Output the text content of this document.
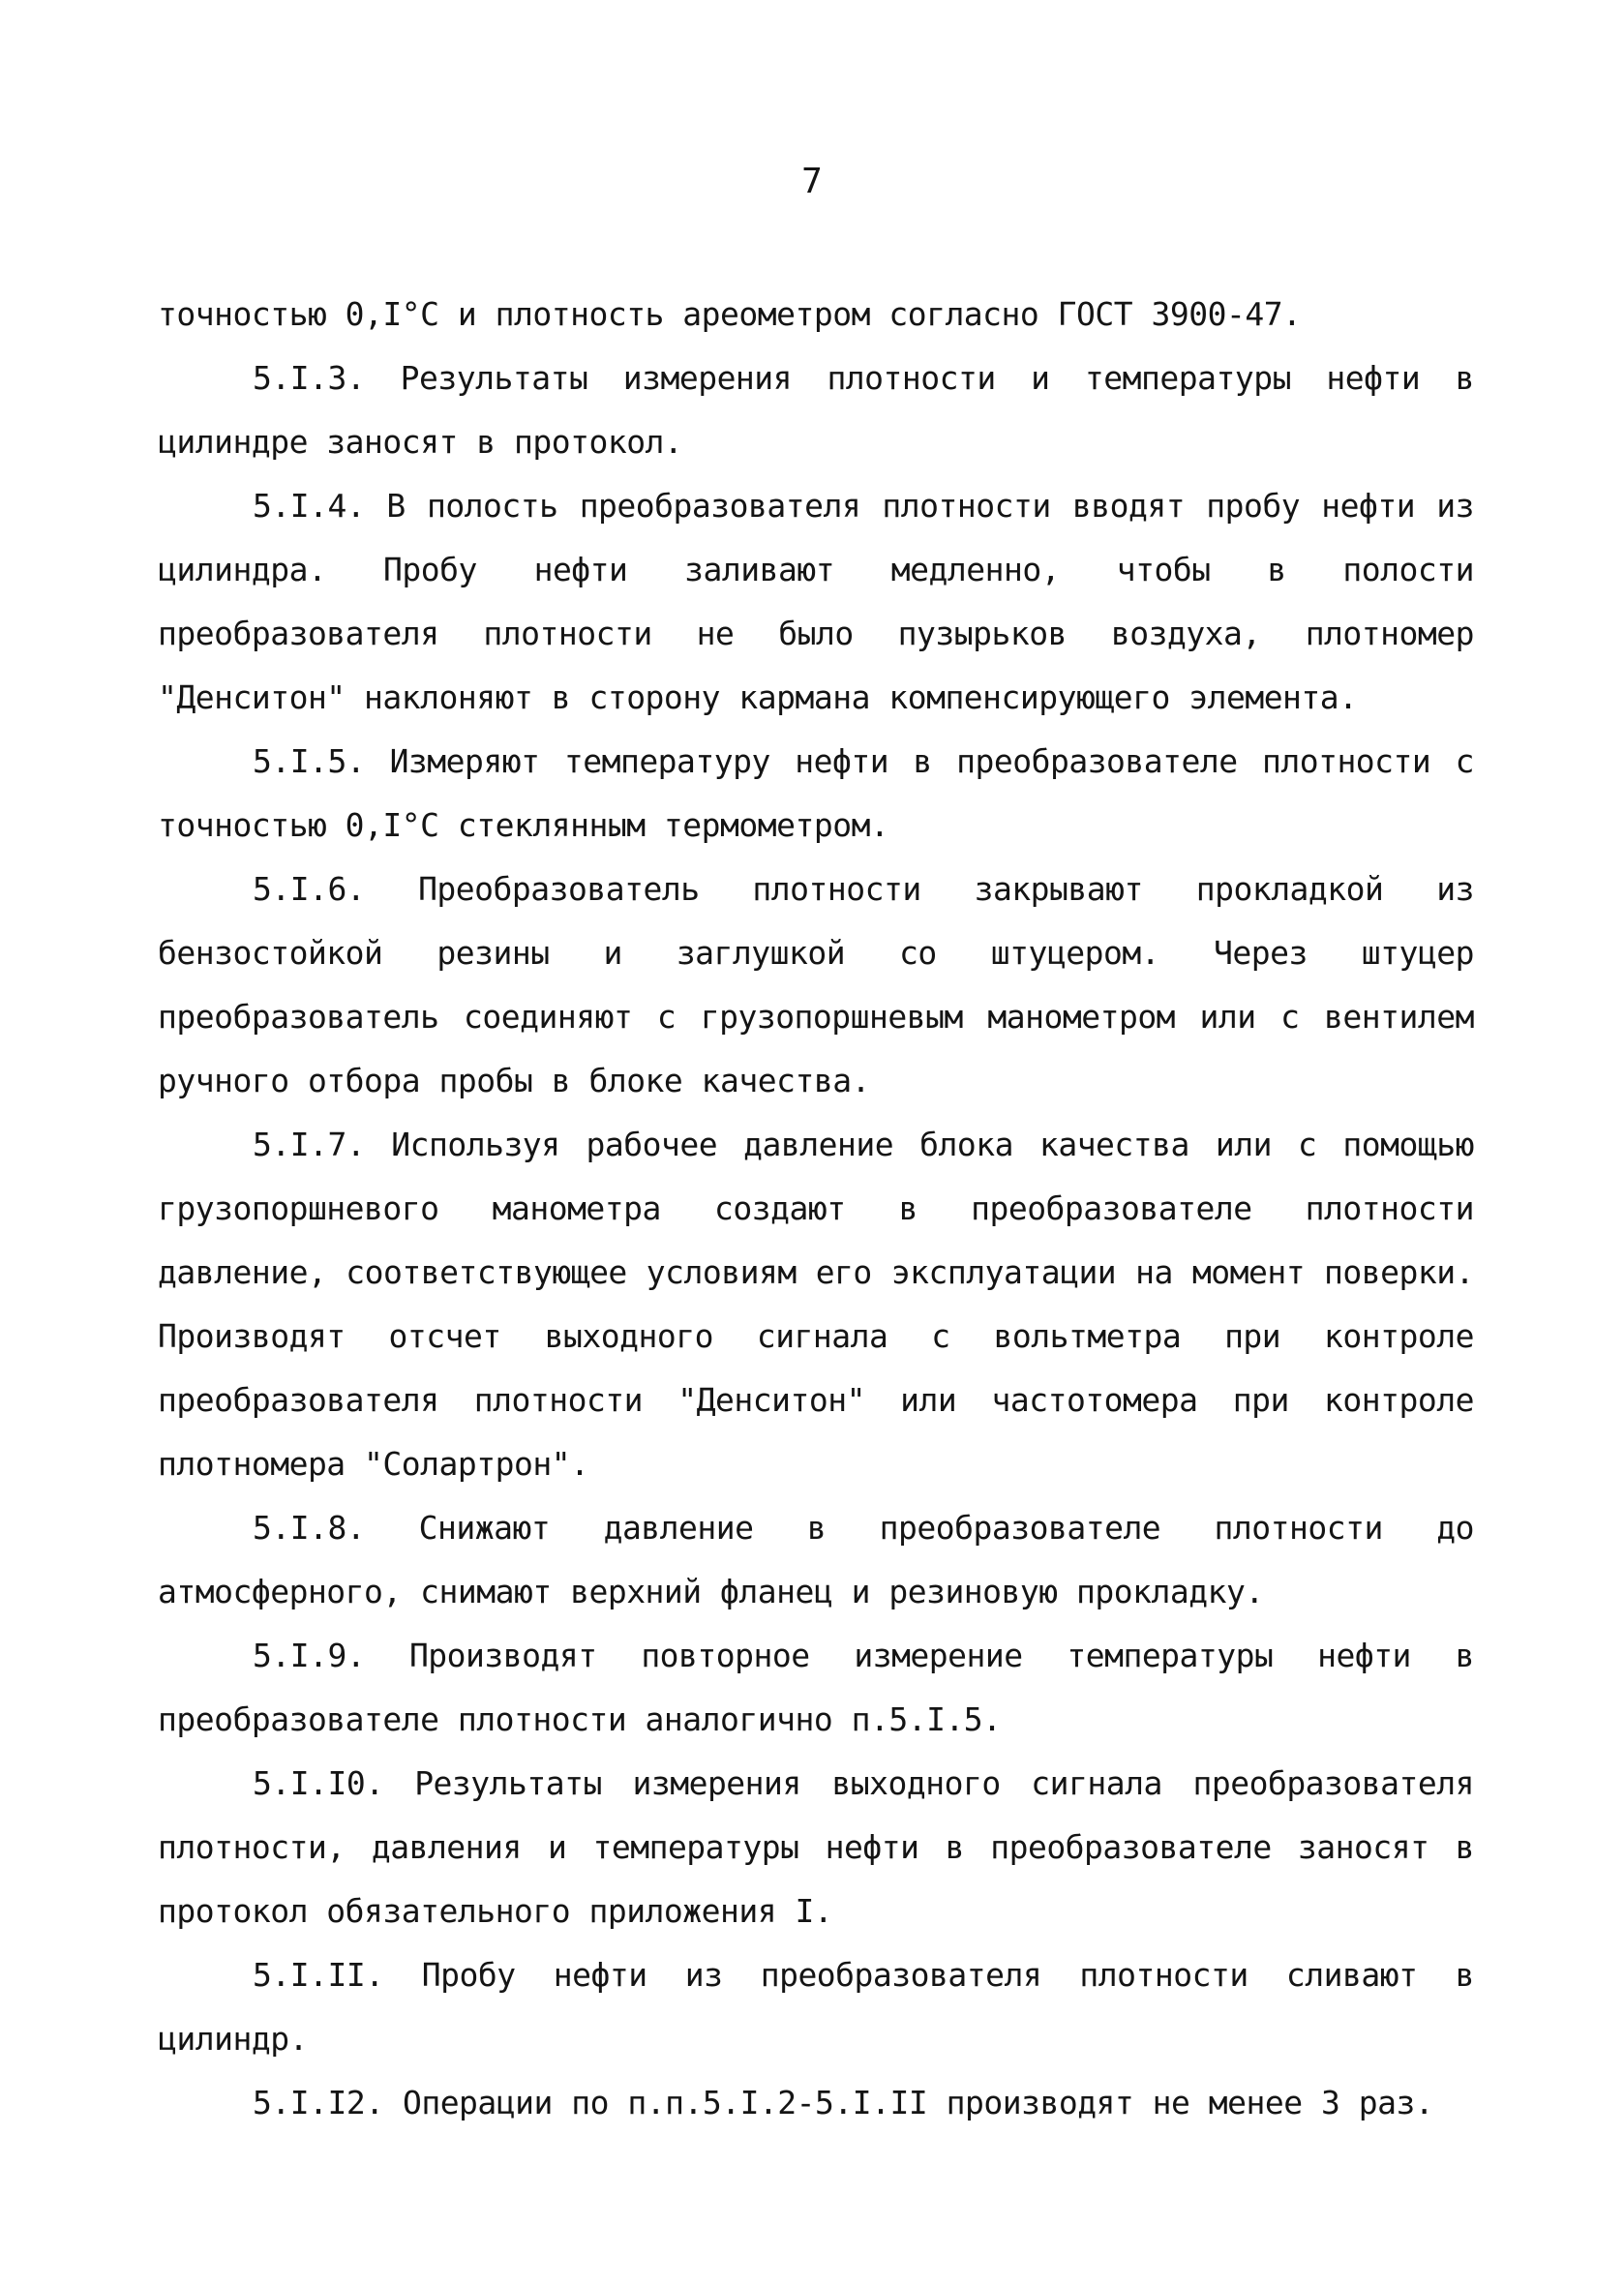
7

точностью 0,I°С и плотность ареометром согласно ГОСТ 3900-47.

5.I.3. Результаты измерения плотности и температуры нефти в цилиндре заносят в протокол.

5.I.4. В полость преобразователя плотности вводят пробу нефти из цилиндра. Пробу нефти заливают медленно, чтобы в полости преобразователя плотности не было пузырьков воздуха, плотномер "Денситон" наклоняют в сторону кармана компенсирующего элемента.

5.I.5. Измеряют температуру нефти в преобразователе плотности с точностью 0,I°С стеклянным термометром.

5.I.6. Преобразователь плотности закрывают прокладкой из бензостойкой резины и заглушкой со штуцером. Через штуцер преобразователь соединяют с грузопоршневым манометром или с вентилем ручного отбора пробы в блоке качества.

5.I.7. Используя рабочее давление блока качества или с помощью грузопоршневого манометра создают в преобразователе плотности давление, соответствующее условиям его эксплуатации на момент поверки. Производят отсчет выходного сигнала с вольтметра при контроле преобразователя плотности "Денситон" или частотомера при контроле плотномера "Солартрон".

5.I.8. Снижают давление в преобразователе плотности до атмосферного, снимают верхний фланец и резиновую прокладку.

5.I.9. Производят повторное измерение температуры нефти в преобразователе плотности аналогично п.5.I.5.

5.I.I0. Результаты измерения выходного сигнала преобразователя плотности, давления и температуры нефти в преобразователе заносят в протокол обязательного приложения I.

5.I.II. Пробу нефти из преобразователя плотности сливают в цилиндр.

5.I.I2. Операции по п.п.5.I.2-5.I.II производят не менее 3 раз.
